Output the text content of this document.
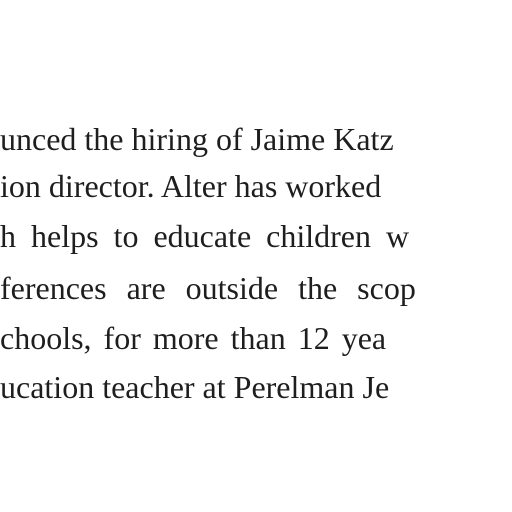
unced the hiring of Jaime Katz
ion director. Alter has worked
h helps to educate children w
ferences are outside the scop
chools, for more than 12 yea
ucation teacher at Perelman Je
